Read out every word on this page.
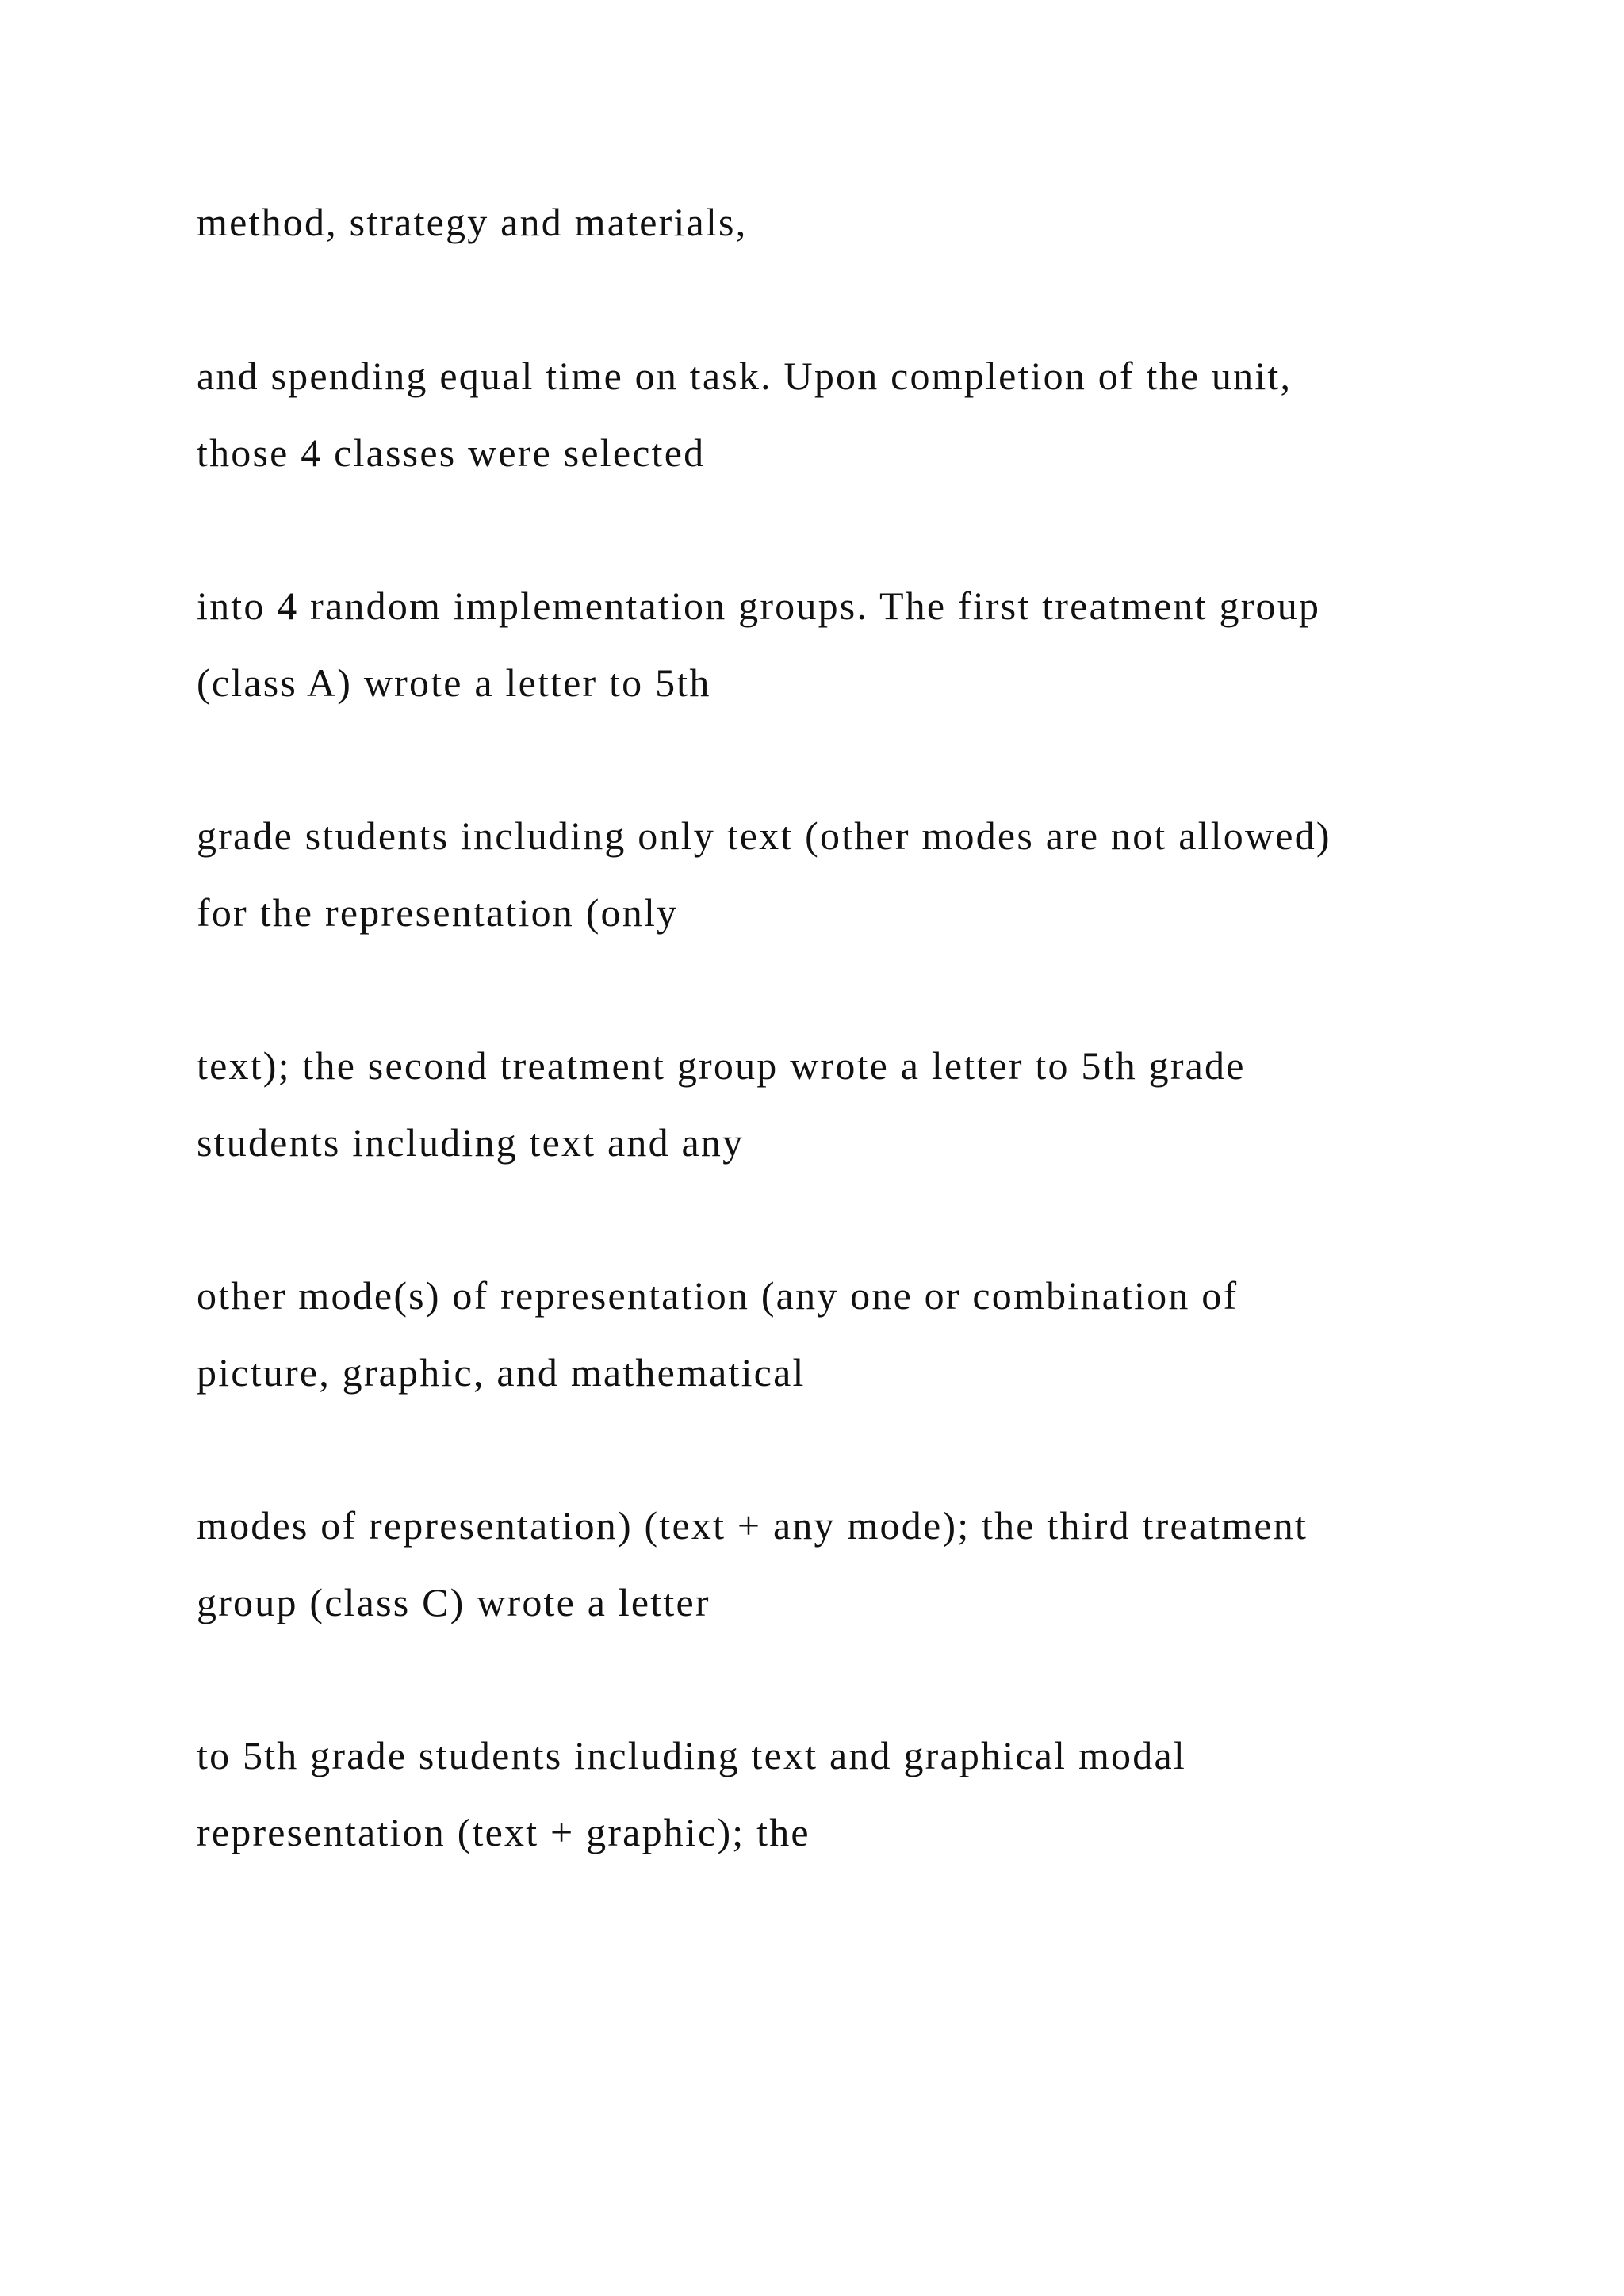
method, strategy and materials,
and spending equal time on task. Upon completion of the unit,
those 4 classes were selected
into 4 random implementation groups. The first treatment group
(class A) wrote a letter to 5th
grade students including only text (other modes are not allowed)
for the representation (only
text); the second treatment group wrote a letter to 5th grade
students including text and any
other mode(s) of representation (any one or combination of
picture, graphic, and mathematical
modes of representation) (text + any mode); the third treatment
group (class C) wrote a letter
to 5th grade students including text and graphical modal
representation (text + graphic); the
